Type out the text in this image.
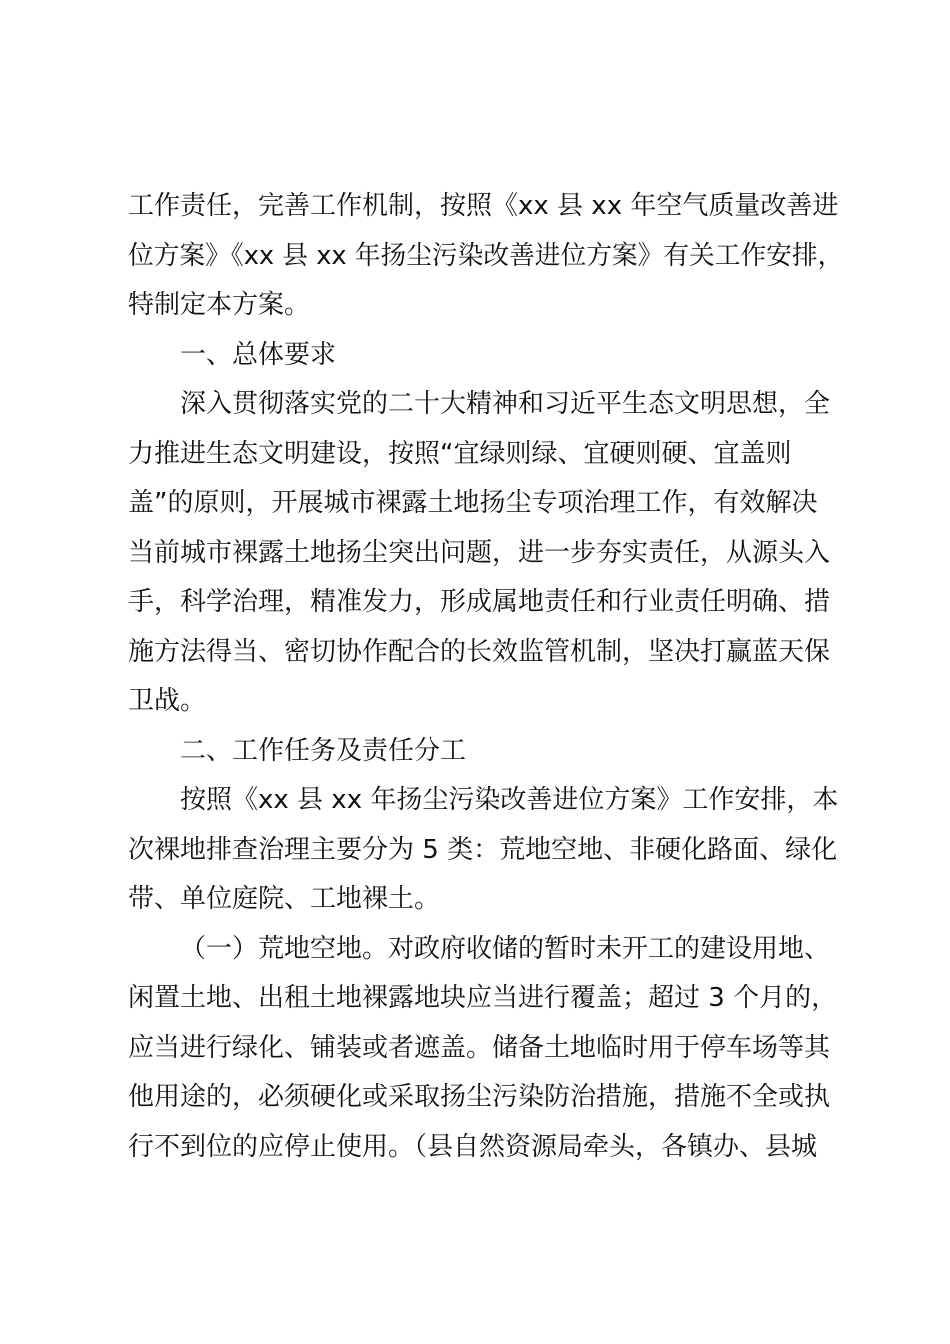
工作责任，完善工作机制，按照《xx 县 xx 年空气质量改善进
位方案》《xx 县 xx 年扬尘污染改善进位方案》有关工作安排，
特制定本方案。
一、总体要求
深入贯彻落实党的二十大精神和习近平生态文明思想，全
力推进生态文明建设，按照“宜绿则绿、宜硬则硬、宜盖则
盖”的原则，开展城市裸露土地扬尘专项治理工作，有效解决
当前城市裸露土地扬尘突出问题，进一步夯实责任，从源头入
手，科学治理，精准发力，形成属地责任和行业责任明确、措
施方法得当、密切协作配合的长效监管机制，坚决打赢蓝天保
卫战。
二、工作任务及责任分工
按照《xx 县 xx 年扬尘污染改善进位方案》工作安排，本
次裸地排查治理主要分为 5 类：荒地空地、非硬化路面、绿化
带、单位庭院、工地裸土。
（一）荒地空地。对政府收储的暂时未开工的建设用地、
闲置土地、出租土地裸露地块应当进行覆盖；超过 3 个月的，
应当进行绿化、铺装或者遮盖。储备土地临时用于停车场等其
他用途的，必须硬化或采取扬尘污染防治措施，措施不全或执
行不到位的应停止使用。（县自然资源局牵头，各镇办、县城
